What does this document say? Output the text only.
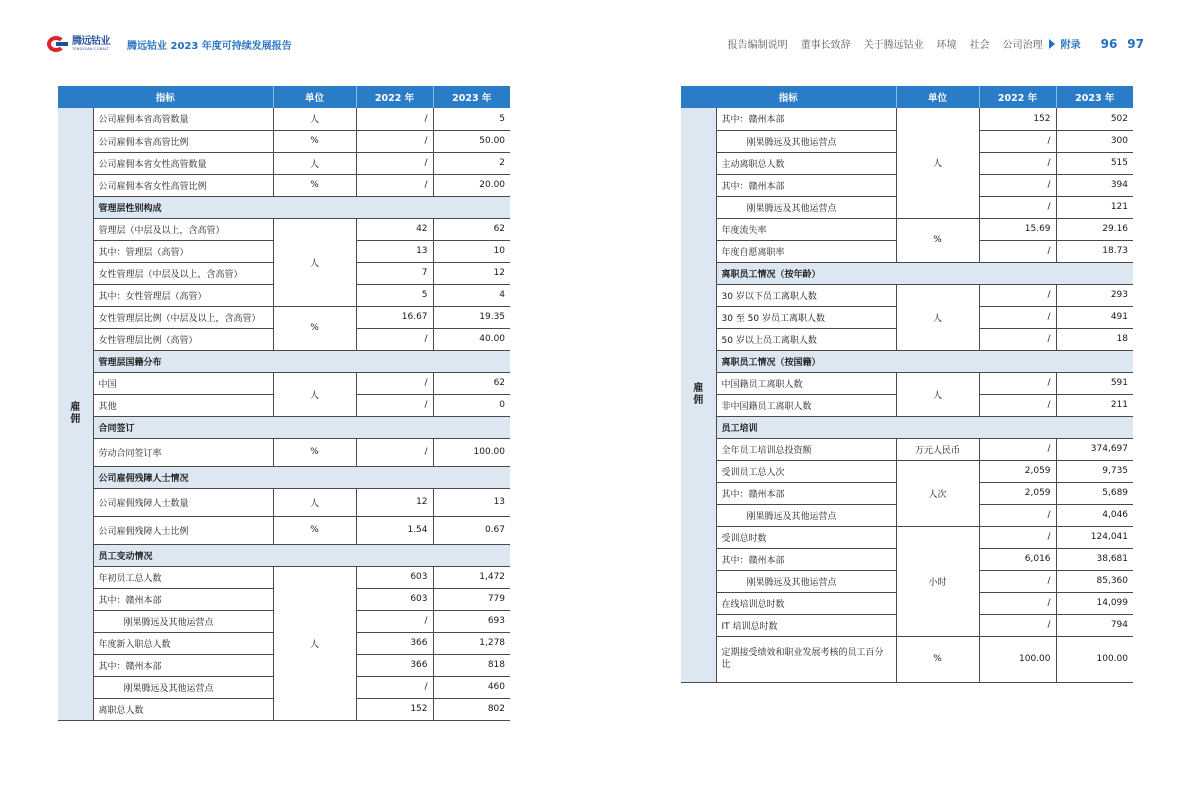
腾远钴业
TENGYUAN COBALT 腾远钴业 2023 年度可持续发展报告	报告编制说明 董事长致辞 关于腾远钴业 环境 社会 公司治理 附录 96 97
指标		单位	2022 年	2023 年
雇佣	公司雇佣本省高管数量	人	/	5
	公司雇佣本省高管比例	%	/	50.00
	公司雇佣本省女性高管数量	人	/	2
	公司雇佣本省女性高管比例	%	/	20.00
	管理层性别构成			
	管理层（中层及以上，含高管）	人	42	62
	其中：管理层（高管）		13	10
	女性管理层（中层及以上，含高管）		7	12
	其中：女性管理层（高管）		5	4
	女性管理层比例（中层及以上，含高管）	%	16.67	19.35
	女性管理层比例（高管）		/	40.00
	管理层国籍分布			
	中国	人	/	62
	其他		/	0
	合同签订			
	劳动合同签订率	%	/	100.00
	公司雇佣残障人士情况			
	公司雇佣残障人士数量	人	12	13
	公司雇佣残障人士比例	%	1.54	0.67
	员工变动情况			
	年初员工总人数	人	603	1,472
	其中：赣州本部		603	779
	刚果腾远及其他运营点		/	693
	年度新入职总人数		366	1,278
	其中：赣州本部		366	818
	刚果腾远及其他运营点		/	460
	离职总人数		152	802
指标		单位	2022 年	2023 年
雇佣	其中：赣州本部	人	152	502
	刚果腾远及其他运营点		/	300
	主动离职总人数		/	515
	其中：赣州本部		/	394
	刚果腾远及其他运营点		/	121
	年度流失率	%	15.69	29.16
	年度自愿离职率		/	18.73
	离职员工情况（按年龄）			
	30 岁以下员工离职人数	人	/	293
	30 至 50 岁员工离职人数		/	491
	50 岁以上员工离职人数		/	18
	离职员工情况（按国籍）			
	中国籍员工离职人数	人	/	591
	非中国籍员工离职人数		/	211
	员工培训			
	全年员工培训总投资额	万元人民币	/	374,697
	受训员工总人次	人次	2,059	9,735
	其中：赣州本部		2,059	5,689
	刚果腾远及其他运营点		/	4,046
	受训总时数	小时	/	124,041
	其中：赣州本部		6,016	38,681
	刚果腾远及其他运营点		/	85,360
	在线培训总时数		/	14,099
	IT 培训总时数		/	794
	定期接受绩效和职业发展考核的员工百分比	%	100.00	100.00
